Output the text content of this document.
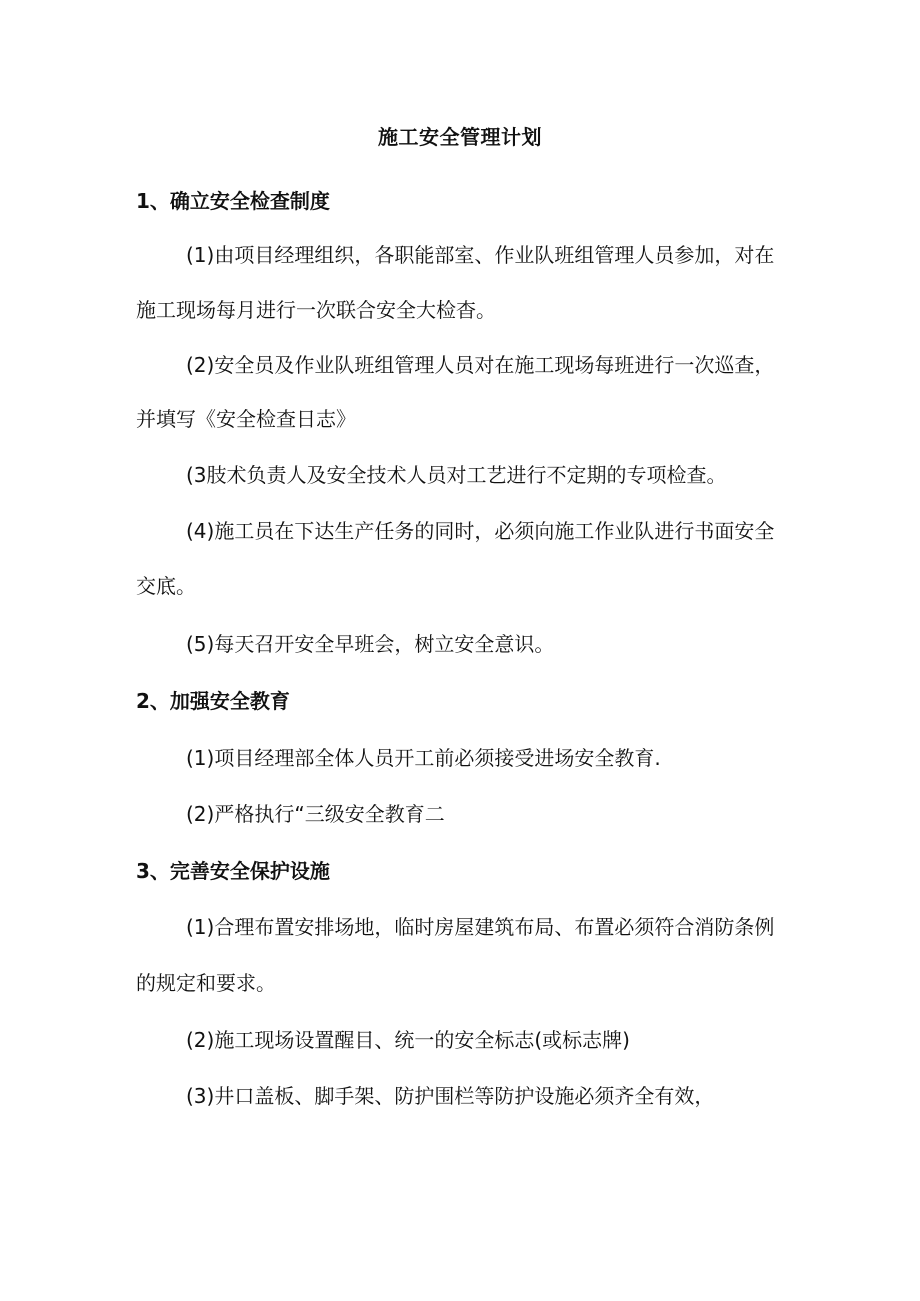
施工安全管理计划
1、确立安全检查制度
(1)由项目经理组织，各职能部室、作业队班组管理人员参加，对在
施工现场每月进行一次联合安全大检杳。
(2)安全员及作业队班组管理人员对在施工现场每班进行一次巡查，
并填写《安全检查日志》
(3肢术负责人及安全技术人员对工艺进行不定期的专项检查。
(4)施工员在下达生产任务的同时，必须向施工作业队进行书面安全
交底。
(5)每天召开安全早班会，树立安全意识。
2、加强安全教育
(1)项目经理部全体人员开工前必须接受进场安全教育.
(2)严格执行“三级安全教育二
3、完善安全保护设施
(1)合理布置安排场地，临时房屋建筑布局、布置必须符合消防条例
的规定和要求。
(2)施工现场设置醒目、统一的安全标志(或标志牌)
(3)井口盖板、脚手架、防护围栏等防护设施必须齐全有效，
